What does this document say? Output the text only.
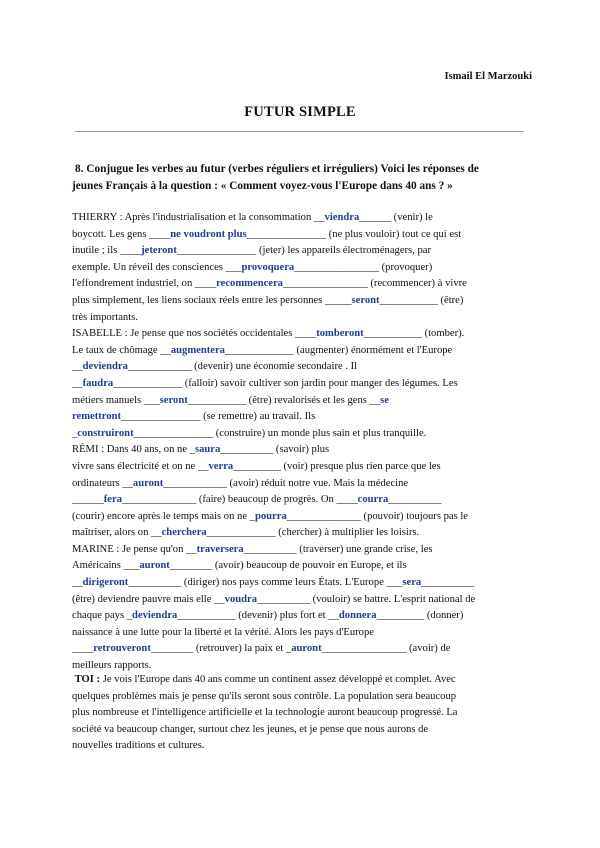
Ismail El Marzouki
FUTUR SIMPLE
8. Conjugue les verbes au futur (verbes réguliers et irréguliers) Voici les réponses de
jeunes Français à la question : « Comment voyez-vous l'Europe dans 40 ans ? »
THIERRY : Après l'industrialisation et la consommation __viendra______ (venir) le
boycott. Les gens ____ne voudront plus_______________ (ne plus vouloir) tout ce qui est
inutile ; ils ____jeteront_______________ (jeter) les appareils électroménagers, par
exemple. Un réveil des consciences ___provoquera________________ (provoquer)
l'effondrement industriel, on ____recommencera________________ (recommencer) à vivre
plus simplement, les liens sociaux réels entre les personnes _____seront___________ (être)
très importants.
ISABELLE : Je pense que nos sociétés occidentales ____tomberont___________ (tomber).
Le taux de chômage __augmentera_____________ (augmenter) énormément et l'Europe
__deviendra____________ (devenir) une économie secondaire . Il
__faudra_____________ (falloir) savoir cultiver son jardin pour manger des légumes. Les
métiers manuels ___seront___________ (être) revalorisés et les gens __se
remettront_______________ (se remettre) au travail. Ils
_construiront_______________ (construire) un monde plus sain et plus tranquille.
RÉMI : Dans 40 ans, on ne _saura__________ (savoir) plus
vivre sans électricité et on ne __verra_________ (voir) presque plus rien parce que les
ordinateurs __auront____________ (avoir) réduit notre vue. Mais la médecine
______fera______________ (faire) beaucoup de progrès. On ____courra__________
(courir) encore après le temps mais on ne _pourra______________ (pouvoir) toujours pas le
maîtriser, alors on __cherchera_____________ (chercher) à multiplier les loisirs.
MARINE : Je pense qu'on __traversera__________ (traverser) une grande crise, les
Américains ___auront________ (avoir) beaucoup de pouvoir en Europe, et ils
__dirigeront__________ (diriger) nos pays comme leurs États. L'Europe ___sera__________
(être) deviendre pauvre mais elle __voudra__________ (vouloir) se battre. L'esprit national de
chaque pays _deviendra___________ (devenir) plus fort et __donnera_________ (donner)
naissance à une lutte pour la liberté et la vérité. Alors les pays d'Europe
____retrouveront________ (retrouver) la paix et _auront________________ (avoir) de
meilleurs rapports.
TOI : Je vois l'Europe dans 40 ans comme un continent assez développé et complet. Avec
quelques problèmes mais je pense qu'ils seront sous contrôle. La population sera beaucoup
plus nombreuse et l'intelligence artificielle et la technologie auront beaucoup progressé. La
société va beaucoup changer, surtout chez les jeunes, et je pense que nous aurons de
nouvelles traditions et cultures.
